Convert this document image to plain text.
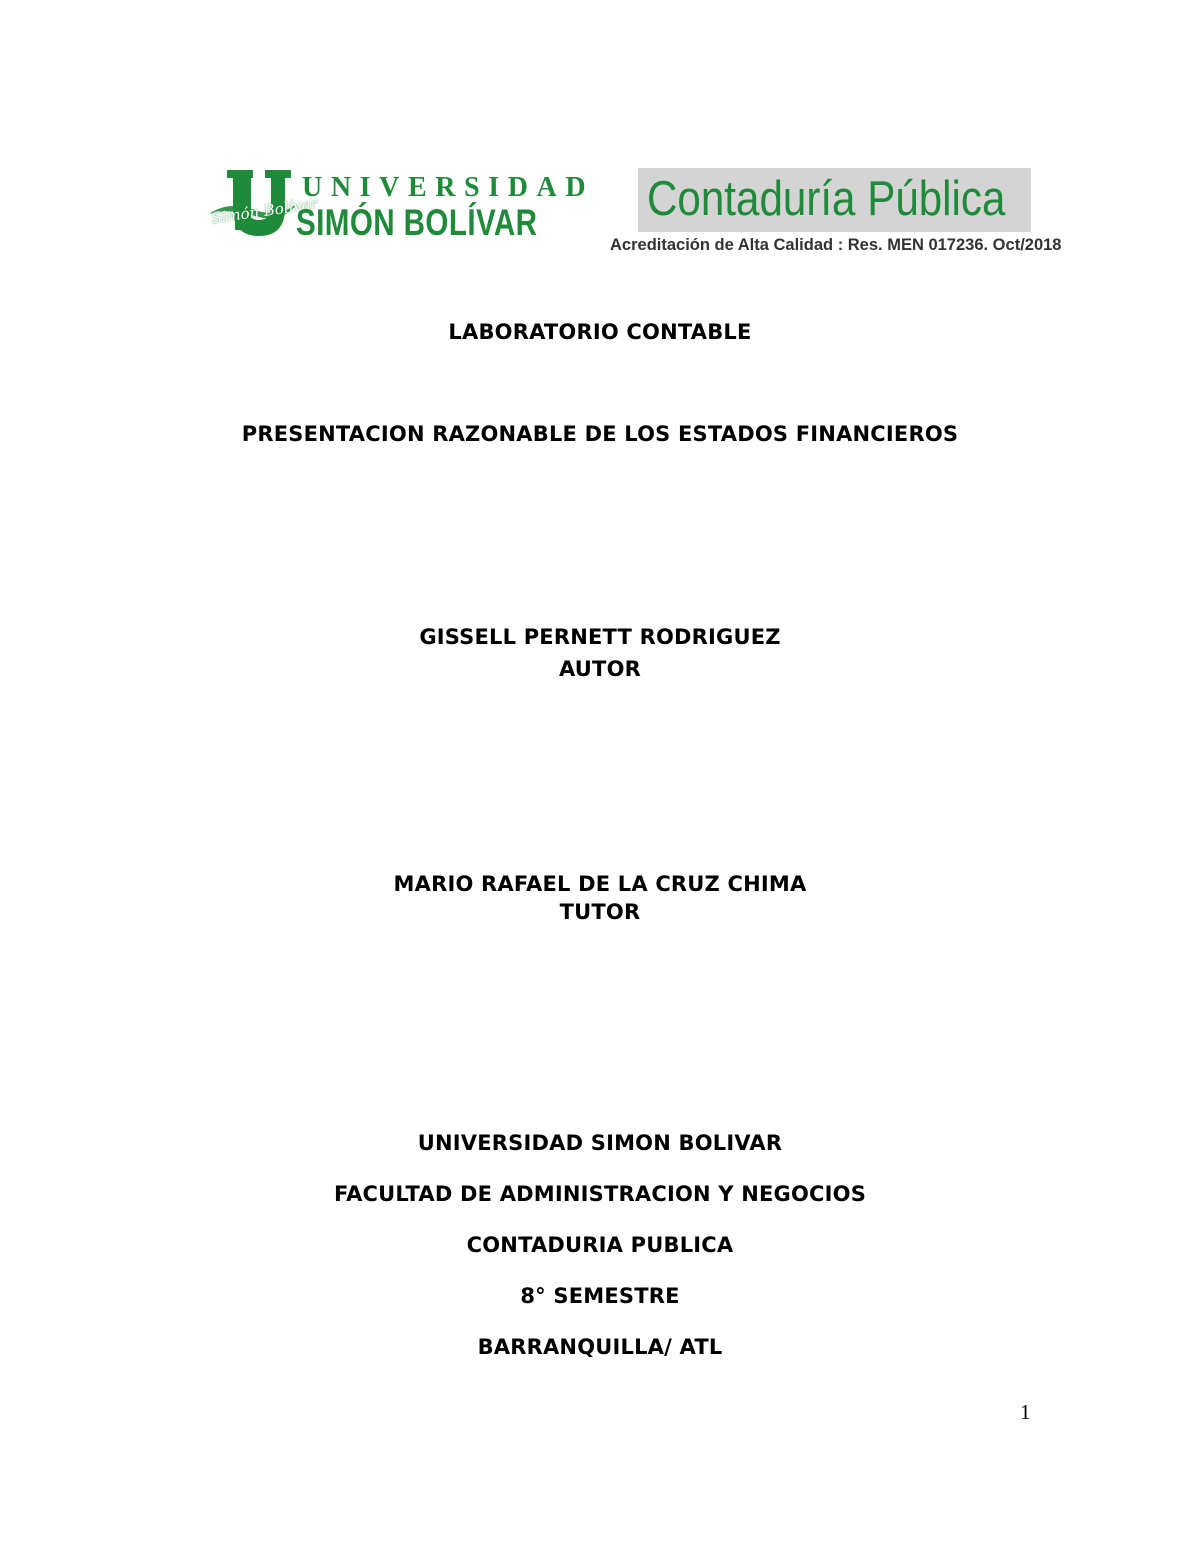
Simón Bolívar
UNIVERSIDAD
SIMÓN BOLÍVAR Contaduría Pública
Acreditación de Alta Calidad : Res. MEN 017236. Oct/2018
LABORATORIO CONTABLE
PRESENTACION RAZONABLE DE LOS ESTADOS FINANCIEROS
GISSELL PERNETT RODRIGUEZ
AUTOR
MARIO RAFAEL DE LA CRUZ CHIMA
TUTOR
UNIVERSIDAD SIMON BOLIVAR
FACULTAD DE ADMINISTRACION Y NEGOCIOS
CONTADURIA PUBLICA
8° SEMESTRE
BARRANQUILLA/ ATL
1
